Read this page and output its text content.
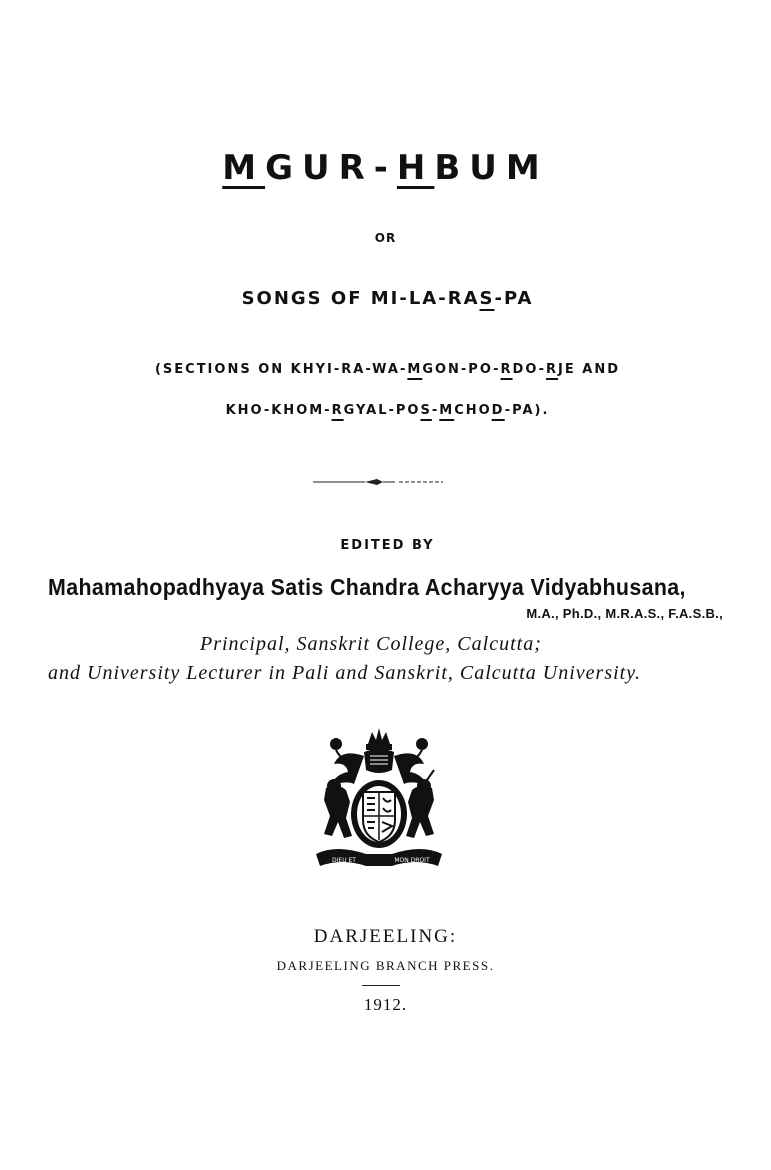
MGUR-HBUM
OR
SONGS OF MI-LA-RAS-PA
(SECTIONS ON KHYI-RA-WA-MGON-PO-RDO-RJE AND
KHO-KHOM-RGYAL-POS-MCHOD-PA).
EDITED BY
Mahamahopadhyaya Satis Chandra Acharyya Vidyabhusana,
M.A., Ph.D., M.R.A.S., F.A.S.B.,
Principal, Sanskrit College, Calcutta;
and University Lecturer in Pali and Sanskrit, Calcutta University.
DIEU ET	MON DROIT
DARJEELING:
DARJEELING BRANCH PRESS.
1912.
